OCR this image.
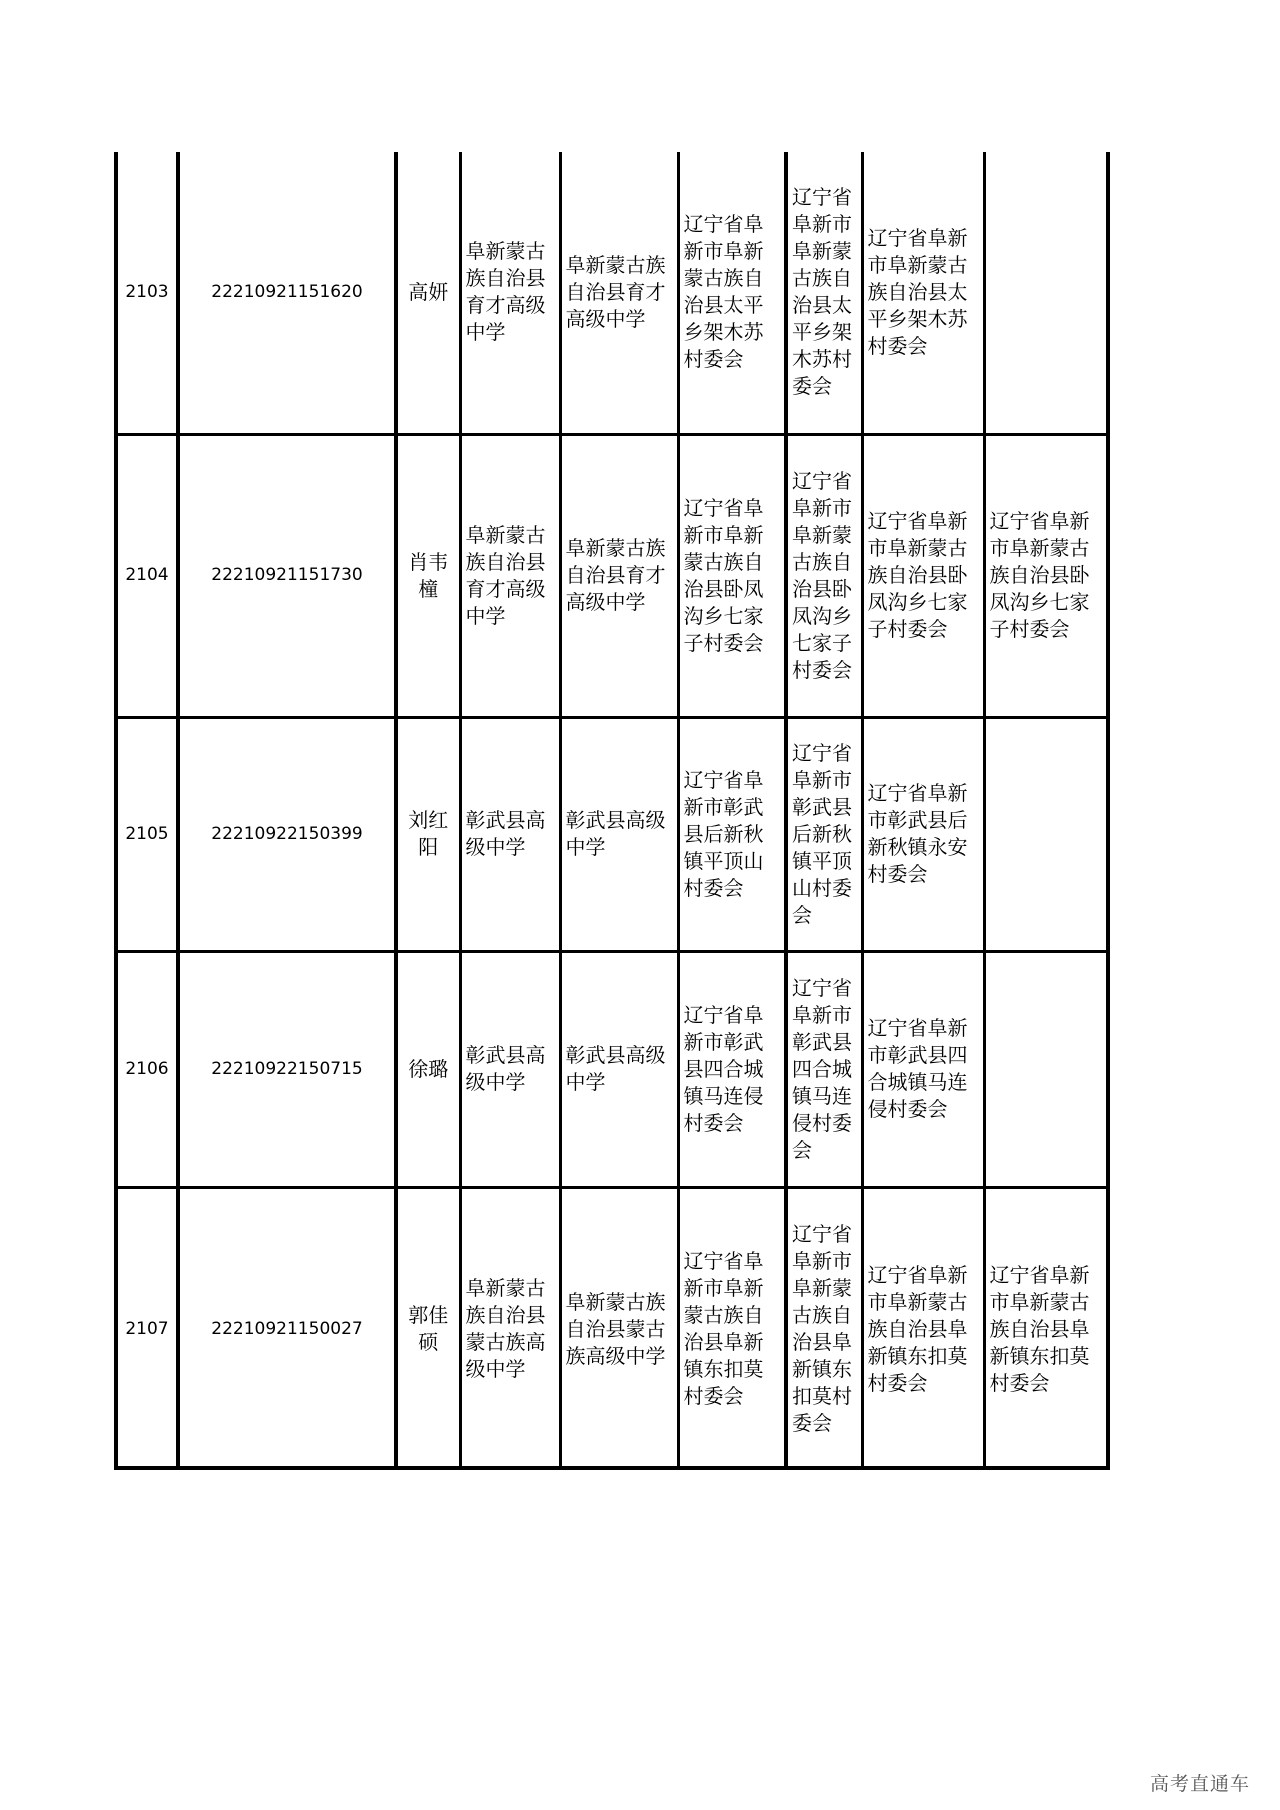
2103	22210921151620	高妍	阜新蒙古族自治县育才高级中学	阜新蒙古族自治县育才高级中学	辽宁省阜新市阜新蒙古族自治县太平乡架木苏村委会	辽宁省阜新市阜新蒙古族自治县太平乡架木苏村委会	辽宁省阜新市阜新蒙古族自治县太平乡架木苏村委会	
2104	22210921151730	肖韦橦	阜新蒙古族自治县育才高级中学	阜新蒙古族自治县育才高级中学	辽宁省阜新市阜新蒙古族自治县卧凤沟乡七家子村委会	辽宁省阜新市阜新蒙古族自治县卧凤沟乡七家子村委会	辽宁省阜新市阜新蒙古族自治县卧凤沟乡七家子村委会	辽宁省阜新市阜新蒙古族自治县卧凤沟乡七家子村委会
2105	22210922150399	刘红阳	彰武县高级中学	彰武县高级中学	辽宁省阜新市彰武县后新秋镇平顶山村委会	辽宁省阜新市彰武县后新秋镇平顶山村委会	辽宁省阜新市彰武县后新秋镇永安村委会	
2106	22210922150715	徐璐	彰武县高级中学	彰武县高级中学	辽宁省阜新市彰武县四合城镇马连侵村委会	辽宁省阜新市彰武县四合城镇马连侵村委会	辽宁省阜新市彰武县四合城镇马连侵村委会	
2107	22210921150027	郭佳硕	阜新蒙古族自治县蒙古族高级中学	阜新蒙古族自治县蒙古族高级中学	辽宁省阜新市阜新蒙古族自治县阜新镇东扣莫村委会	辽宁省阜新市阜新蒙古族自治县阜新镇东扣莫村委会	辽宁省阜新市阜新蒙古族自治县阜新镇东扣莫村委会	辽宁省阜新市阜新蒙古族自治县阜新镇东扣莫村委会
高考直通车
